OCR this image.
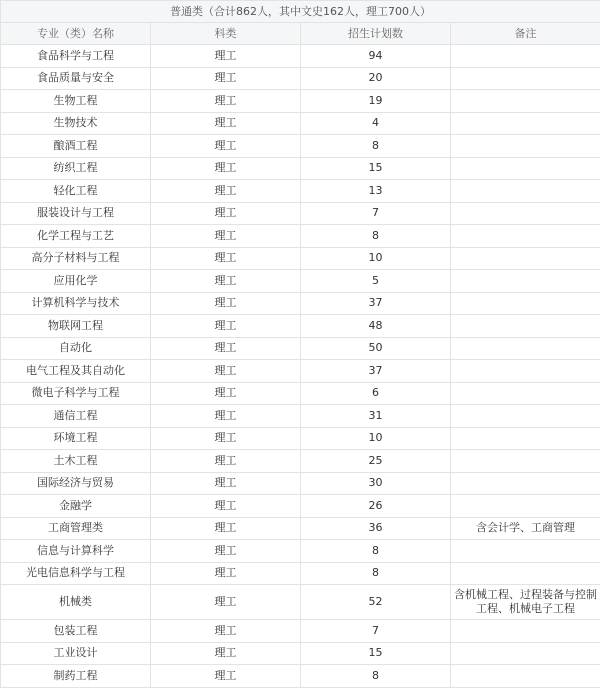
普通类（合计862人，其中文史162人，理工700人）			
专业（类）名称	科类	招生计划数	备注
食品科学与工程	理工	94	
食品质量与安全	理工	20	
生物工程	理工	19	
生物技术	理工	4	
酿酒工程	理工	8	
纺织工程	理工	15	
轻化工程	理工	13	
服装设计与工程	理工	7	
化学工程与工艺	理工	8	
高分子材料与工程	理工	10	
应用化学	理工	5	
计算机科学与技术	理工	37	
物联网工程	理工	48	
自动化	理工	50	
电气工程及其自动化	理工	37	
微电子科学与工程	理工	6	
通信工程	理工	31	
环境工程	理工	10	
土木工程	理工	25	
国际经济与贸易	理工	30	
金融学	理工	26	
工商管理类	理工	36	含会计学、工商管理
信息与计算科学	理工	8	
光电信息科学与工程	理工	8	
机械类	理工	52	含机械工程、过程装备与控制工程、机械电子工程
包装工程	理工	7	
工业设计	理工	15	
制药工程	理工	8	
